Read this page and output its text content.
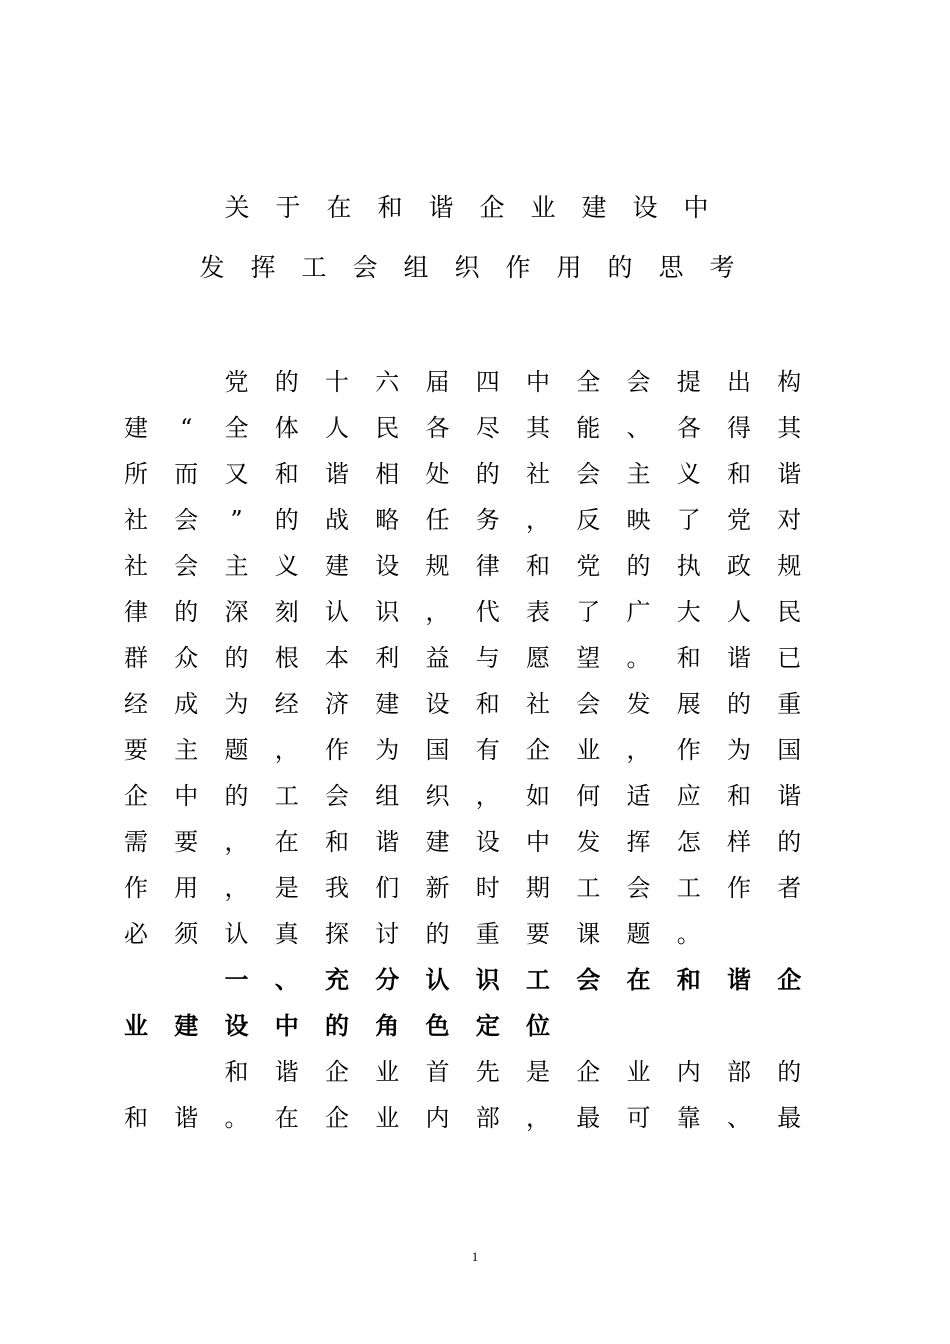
关 于 在 和 谐 企 业 建 设 中
发 挥 工 会 组 织 作 用 的 思 考
党 的 十 六 届 四 中 全 会 提 出 构
建	“	全 体 人 民 各 尽 其 能 、 各 得 其
所 而 又 和 谐 相 处 的 社 会 主 义 和 谐
社 会	”	的 战 略 任 务 ， 反 映 了 党 对
社 会 主 义 建 设 规 律 和 党 的 执 政 规
律 的 深 刻 认 识 ， 代 表 了 广 大 人 民
群 众 的 根 本 利 益 与 愿 望 。 和 谐 已
经 成 为 经 济 建 设 和 社 会 发 展 的 重
要 主 题 ， 作 为 国 有 企 业 ， 作 为 国
企 中 的 工 会 组 织 ， 如 何 适 应 和 谐
需 要 ， 在 和 谐 建 设 中 发 挥 怎 样 的
作 用 ， 是 我 们 新 时 期 工 会 工 作 者
必 须 认 真 探 讨 的 重 要 课 题 。
一 、 充 分 认 识 工 会 在 和 谐 企
业 建 设 中 的 角 色 定 位
和 谐 企 业 首 先 是 企 业 内 部 的
和 谐 。 在 企 业 内 部 ， 最 可 靠 、 最
1
